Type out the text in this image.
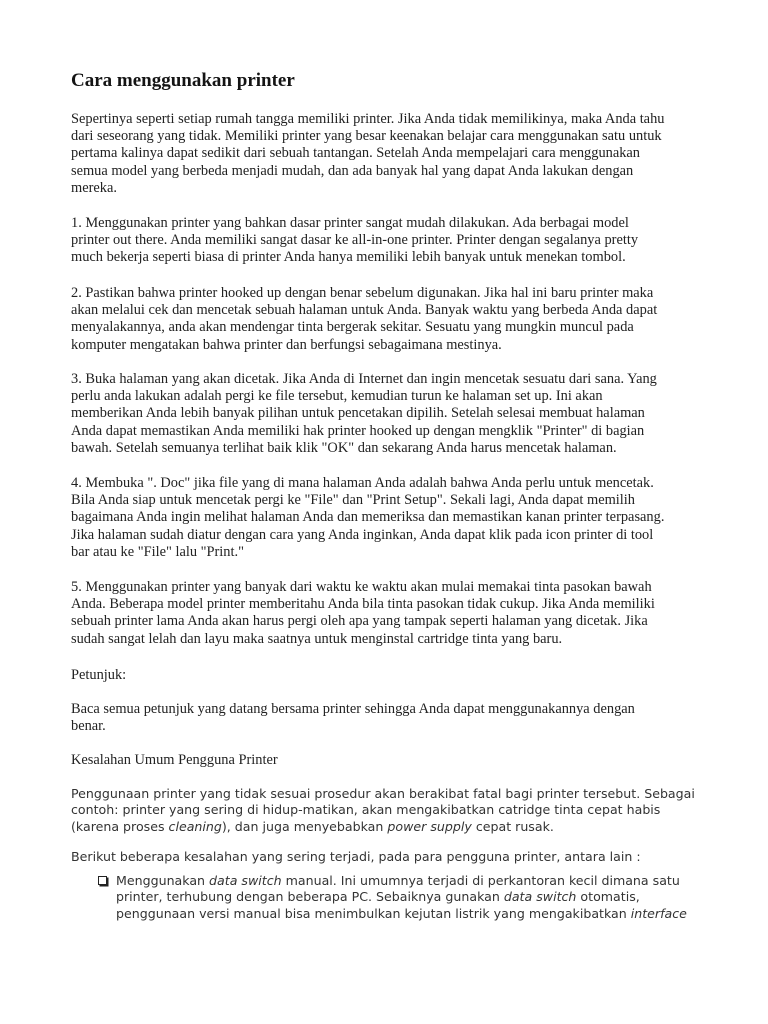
Cara menggunakan printer
Sepertinya seperti setiap rumah tangga memiliki printer. Jika Anda tidak memilikinya, maka Anda tahu
dari seseorang yang tidak. Memiliki printer yang besar keenakan belajar cara menggunakan satu untuk
pertama kalinya dapat sedikit dari sebuah tantangan. Setelah Anda mempelajari cara menggunakan
semua model yang berbeda menjadi mudah, dan ada banyak hal yang dapat Anda lakukan dengan
mereka.
1. Menggunakan printer yang bahkan dasar printer sangat mudah dilakukan. Ada berbagai model
printer out there. Anda memiliki sangat dasar ke all-in-one printer. Printer dengan segalanya pretty
much bekerja seperti biasa di printer Anda hanya memiliki lebih banyak untuk menekan tombol.
2. Pastikan bahwa printer hooked up dengan benar sebelum digunakan. Jika hal ini baru printer maka
akan melalui cek dan mencetak sebuah halaman untuk Anda. Banyak waktu yang berbeda Anda dapat
menyalakannya, anda akan mendengar tinta bergerak sekitar. Sesuatu yang mungkin muncul pada
komputer mengatakan bahwa printer dan berfungsi sebagaimana mestinya.
3. Buka halaman yang akan dicetak. Jika Anda di Internet dan ingin mencetak sesuatu dari sana. Yang
perlu anda lakukan adalah pergi ke file tersebut, kemudian turun ke halaman set up. Ini akan
memberikan Anda lebih banyak pilihan untuk pencetakan dipilih. Setelah selesai membuat halaman
Anda dapat memastikan Anda memiliki hak printer hooked up dengan mengklik "Printer" di bagian
bawah. Setelah semuanya terlihat baik klik "OK" dan sekarang Anda harus mencetak halaman.
4. Membuka ". Doc" jika file yang di mana halaman Anda adalah bahwa Anda perlu untuk mencetak.
Bila Anda siap untuk mencetak pergi ke "File" dan "Print Setup". Sekali lagi, Anda dapat memilih
bagaimana Anda ingin melihat halaman Anda dan memeriksa dan memastikan kanan printer terpasang.
Jika halaman sudah diatur dengan cara yang Anda inginkan, Anda dapat klik pada icon printer di tool
bar atau ke "File" lalu "Print."
5. Menggunakan printer yang banyak dari waktu ke waktu akan mulai memakai tinta pasokan bawah
Anda. Beberapa model printer memberitahu Anda bila tinta pasokan tidak cukup. Jika Anda memiliki
sebuah printer lama Anda akan harus pergi oleh apa yang tampak seperti halaman yang dicetak. Jika
sudah sangat lelah dan layu maka saatnya untuk menginstal cartridge tinta yang baru.
Petunjuk:
Baca semua petunjuk yang datang bersama printer sehingga Anda dapat menggunakannya dengan
benar.
Kesalahan Umum Pengguna Printer
Penggunaan printer yang tidak sesuai prosedur akan berakibat fatal bagi printer tersebut. Sebagai
contoh: printer yang sering di hidup-matikan, akan mengakibatkan catridge tinta cepat habis
(karena proses cleaning), dan juga menyebabkan power supply cepat rusak.
Berikut beberapa kesalahan yang sering terjadi, pada para pengguna printer, antara lain :
Menggunakan data switch manual. Ini umumnya terjadi di perkantoran kecil dimana satu
printer, terhubung dengan beberapa PC. Sebaiknya gunakan data switch otomatis,
penggunaan versi manual bisa menimbulkan kejutan listrik yang mengakibatkan interface
